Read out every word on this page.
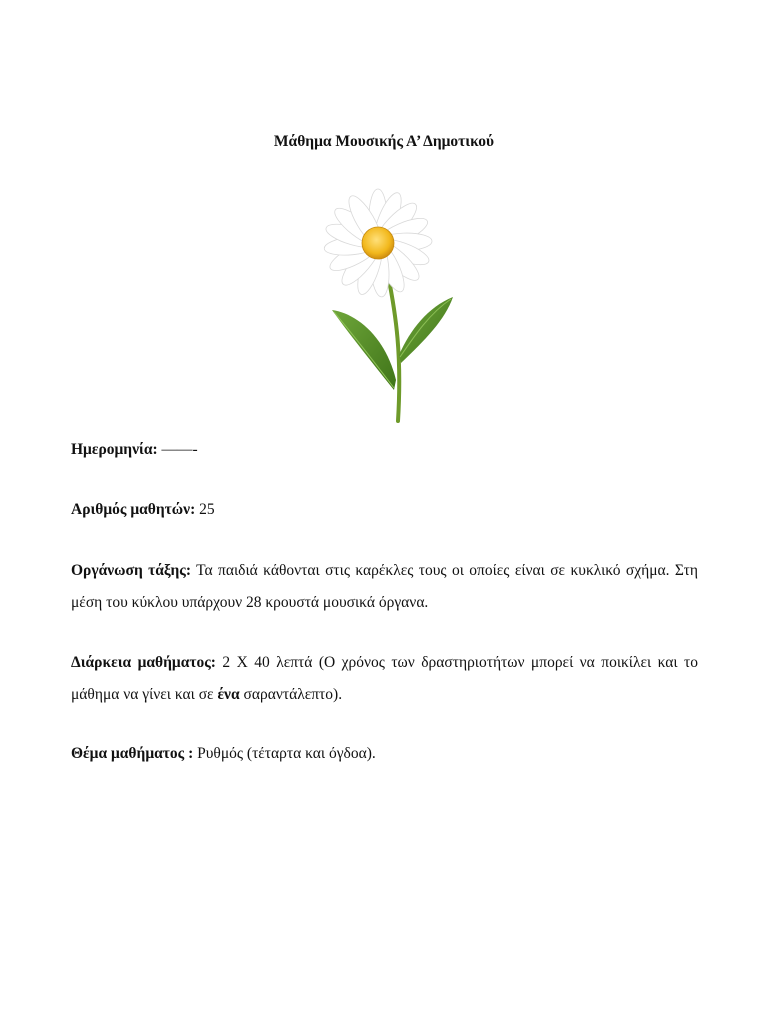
Μάθημα Μουσικής Α’ Δημοτικού
Ημερομηνία: ——-
Αριθμός μαθητών: 25
Οργάνωση τάξης: Τα παιδιά κάθονται στις καρέκλες τους οι οποίες είναι σε κυκλικό σχήμα. Στη μέση του κύκλου υπάρχουν 28 κρουστά μουσικά όργανα.
Διάρκεια μαθήματος: 2 Χ 40 λεπτά (Ο χρόνος των δραστηριοτήτων μπορεί να ποικίλει και το μάθημα να γίνει και σε ένα σαραντάλεπτο).
Θέμα μαθήματος : Ρυθμός (τέταρτα και όγδοα).
